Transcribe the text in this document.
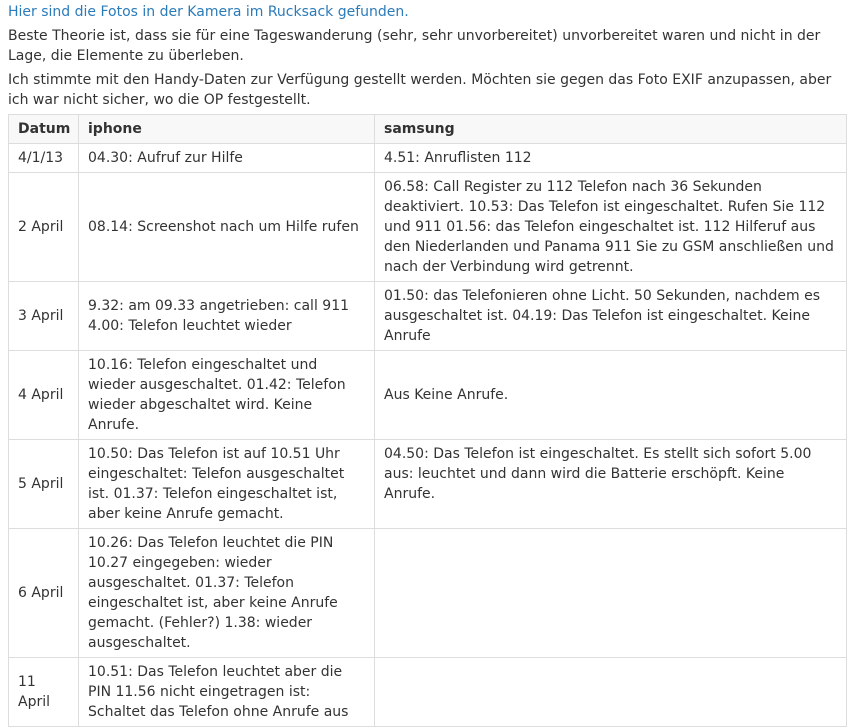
Hier sind die Fotos in der Kamera im Rucksack gefunden.

Beste Theorie ist, dass sie für eine Tageswanderung (sehr, sehr unvorbereitet) unvorbereitet waren und nicht in der Lage, die Elemente zu überleben.

Ich stimmte mit den Handy-Daten zur Verfügung gestellt werden. Möchten sie gegen das Foto EXIF anzupassen, aber ich war nicht sicher, wo die OP festgestellt.

Datum	iphone	samsung
4/1/13	04.30: Aufruf zur Hilfe	4.51: Anruflisten 112
2 April	08.14: Screenshot nach um Hilfe rufen	06.58: Call Register zu 112 Telefon nach 36 Sekunden deaktiviert. 10.53: Das Telefon ist eingeschaltet. Rufen Sie 112 und 911 01.56: das Telefon eingeschaltet ist. 112 Hilferuf aus den Niederlanden und Panama 911 Sie zu GSM anschließen und nach der Verbindung wird getrennt.
3 April	9.32: am 09.33 angetrieben: call 911 4.00: Telefon leuchtet wieder	01.50: das Telefonieren ohne Licht. 50 Sekunden, nachdem es ausgeschaltet ist. 04.19: Das Telefon ist eingeschaltet. Keine Anrufe
4 April	10.16: Telefon eingeschaltet und wieder ausgeschaltet. 01.42: Telefon wieder abgeschaltet wird. Keine Anrufe.	Aus Keine Anrufe.
5 April	10.50: Das Telefon ist auf 10.51 Uhr eingeschaltet: Telefon ausgeschaltet ist. 01.37: Telefon eingeschaltet ist, aber keine Anrufe gemacht.	04.50: Das Telefon ist eingeschaltet. Es stellt sich sofort 5.00 aus: leuchtet und dann wird die Batterie erschöpft. Keine Anrufe.
6 April	10.26: Das Telefon leuchtet die PIN 10.27 eingegeben: wieder ausgeschaltet. 01.37: Telefon eingeschaltet ist, aber keine Anrufe gemacht. (Fehler?) 1.38: wieder ausgeschaltet.	
11 April	10.51: Das Telefon leuchtet aber die PIN 11.56 nicht eingetragen ist: Schaltet das Telefon ohne Anrufe aus	
